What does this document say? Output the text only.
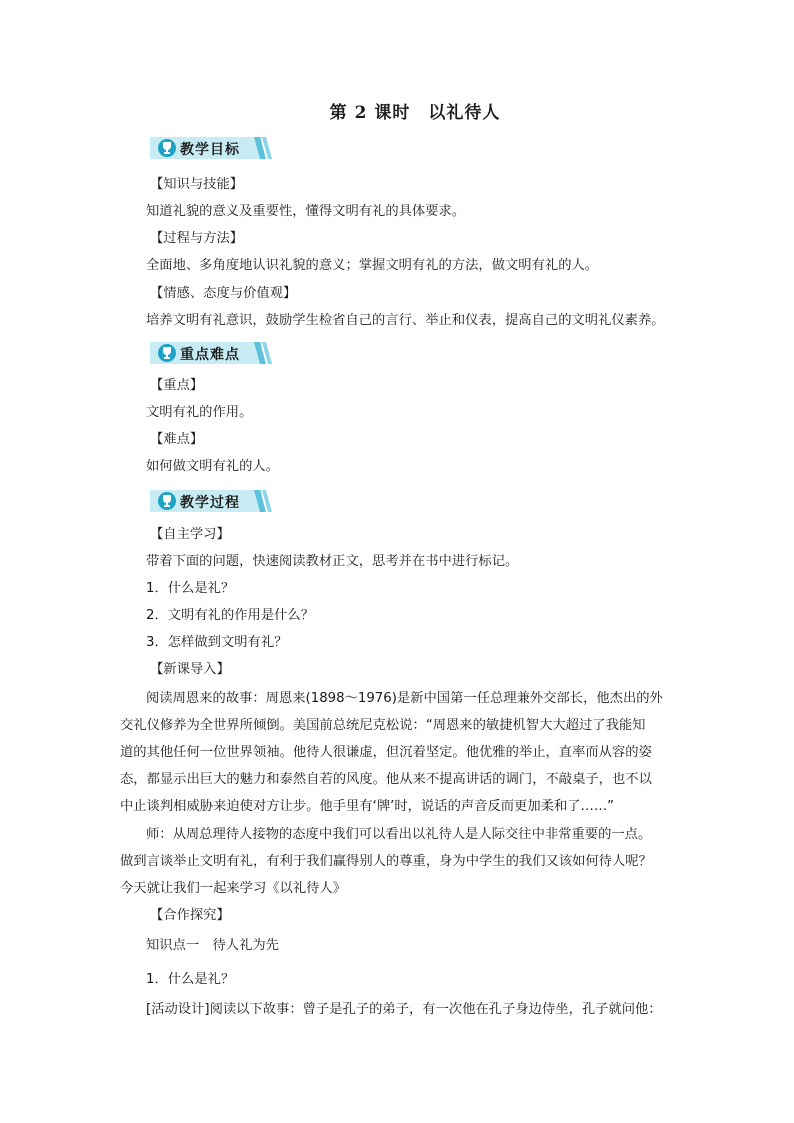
第 2 课时　以礼待人
教学目标
【知识与技能】
知道礼貌的意义及重要性，懂得文明有礼的具体要求。
【过程与方法】
全面地、多角度地认识礼貌的意义；掌握文明有礼的方法，做文明有礼的人。
【情感、态度与价值观】
培养文明有礼意识，鼓励学生检省自己的言行、举止和仪表，提高自己的文明礼仪素养。
重点难点
【重点】
文明有礼的作用。
【难点】
如何做文明有礼的人。
教学过程
【自主学习】
带着下面的问题，快速阅读教材正文，思考并在书中进行标记。
1．什么是礼？
2．文明有礼的作用是什么？
3．怎样做到文明有礼？
【新课导入】
阅读周恩来的故事：周恩来(1898～1976)是新中国第一任总理兼外交部长，他杰出的外
交礼仪修养为全世界所倾倒。美国前总统尼克松说：“周恩来的敏捷机智大大超过了我能知
道的其他任何一位世界领袖。他待人很谦虚，但沉着坚定。他优雅的举止，直率而从容的姿
态，都显示出巨大的魅力和泰然自若的风度。他从来不提高讲话的调门，不敲桌子，也不以
中止谈判相威胁来迫使对方让步。他手里有‘牌’时，说话的声音反而更加柔和了……”
师：从周总理待人接物的态度中我们可以看出以礼待人是人际交往中非常重要的一点。
做到言谈举止文明有礼，有利于我们赢得别人的尊重，身为中学生的我们又该如何待人呢？
今天就让我们一起来学习《以礼待人》
【合作探究】
知识点一　待人礼为先
1．什么是礼？
[活动设计]阅读以下故事：曾子是孔子的弟子，有一次他在孔子身边侍坐，孔子就问他：
